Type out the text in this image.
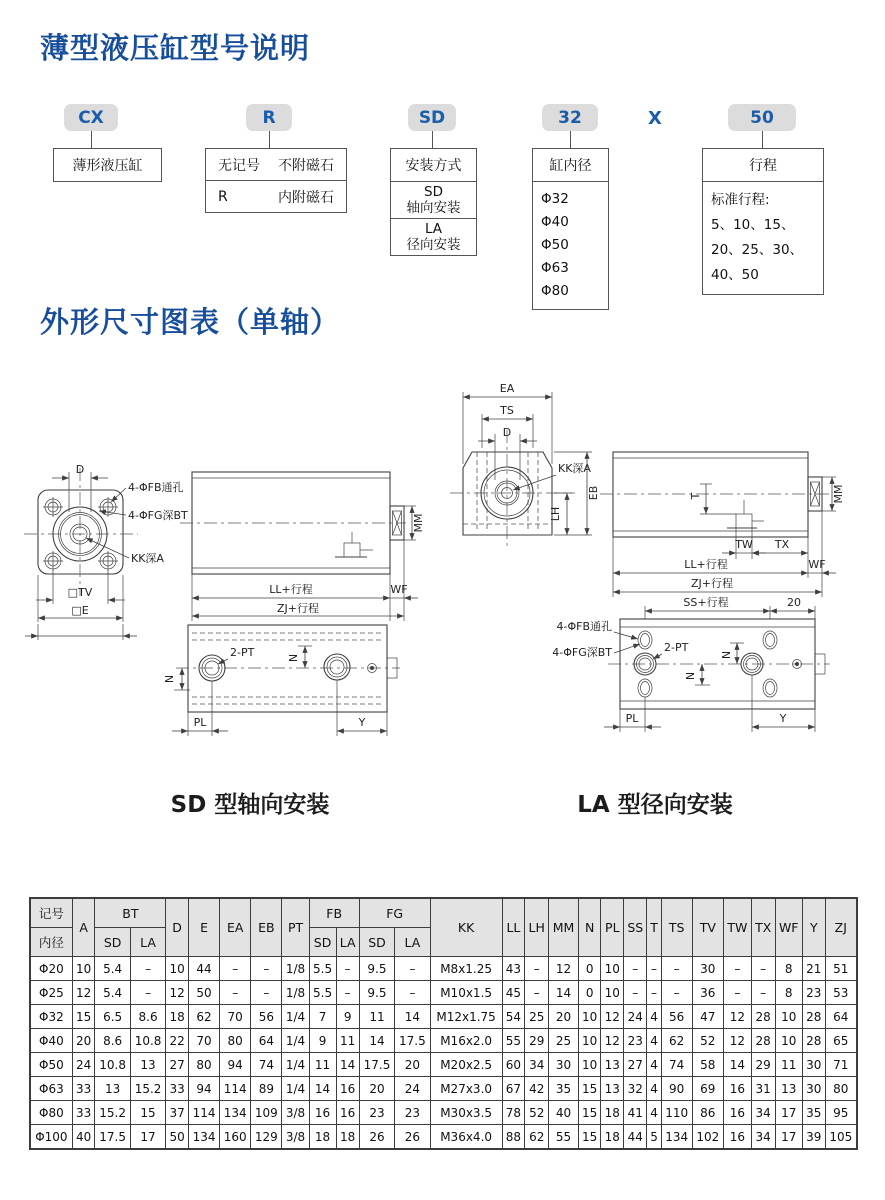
薄型液压缸型号说明
CX	R	SD	32	X	50
薄形液压缸	无记号 不附磁石
R	内附磁石
安装方式
SD
轴向安装
LA
径向安装
缸内径
Φ32 Φ40
Φ50 Φ63
Φ80
行程
标准行程:
5、10、15、
20、25、30、
40、50
外形尺寸图表（单轴）
D
4-ΦFB通孔
4-ΦFG深BT
KK深A
□TV
□E
MM
LL+行程	WF
ZJ+行程
2-PT
N
N
PL	Y
EA
TS
D
KK深A
EB
LH
MM
T
TW TX
LL+行程	WF
ZJ+行程
SS+行程	20
4-ΦFB通孔
4-ΦFG深BT	2-PT
N
N
PL	Y
SD 型轴向安装	LA 型径向安装
记号	A	BT		D	E	EA	EB	PT	FB		FG		KK	LL	LH	MM	N	PL	SS	T	TS	TV	TW	TX	WF	Y	ZJ
内径		SD	LA						SD	LA	SD	LA															
Φ20	10	5.4	–	10	44	–	–	1/8	5.5	–	9.5	–	M8x1.25	43	–	12	0	10	–	–	–	30	–	–	8	21	51
Φ25	12	5.4	–	12	50	–	–	1/8	5.5	–	9.5	–	M10x1.5	45	–	14	0	10	–	–	–	36	–	–	8	23	53
Φ32	15	6.5	8.6	18	62	70	56	1/4	7	9	11	14	M12x1.75	54	25	20	10	12	24	4	56	47	12	28	10	28	64
Φ40	20	8.6	10.8	22	70	80	64	1/4	9	11	14	17.5	M16x2.0	55	29	25	10	12	23	4	62	52	12	28	10	28	65
Φ50	24	10.8	13	27	80	94	74	1/4	11	14	17.5	20	M20x2.5	60	34	30	10	13	27	4	74	58	14	29	11	30	71
Φ63	33	13	15.2	33	94	114	89	1/4	14	16	20	24	M27x3.0	67	42	35	15	13	32	4	90	69	16	31	13	30	80
Φ80	33	15.2	15	37	114	134	109	3/8	16	16	23	23	M30x3.5	78	52	40	15	18	41	4	110	86	16	34	17	35	95
Φ100	40	17.5	17	50	134	160	129	3/8	18	18	26	26	M36x4.0	88	62	55	15	18	44	5	134	102	16	34	17	39	105
